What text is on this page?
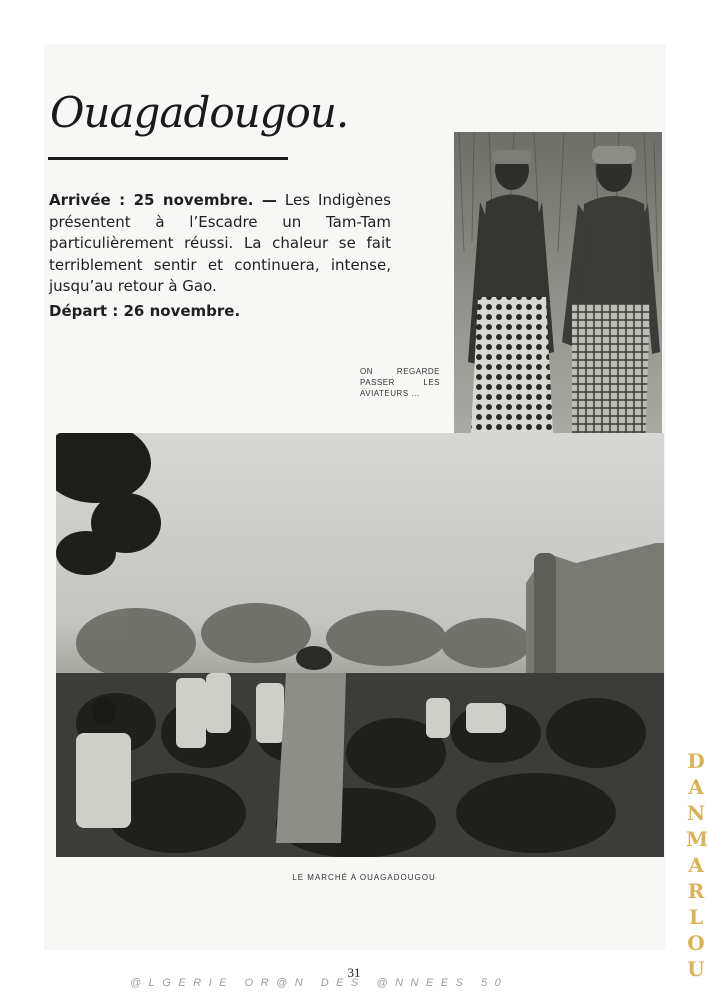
Ouagadougou.
Arrivée : 25 novembre. — Les Indigènes présentent à l’Escadre un Tam-Tam particulièrement réussi. La chaleur se fait terriblement sentir et continuera, intense, jusqu’au retour à Gao.
Départ : 26 novembre.
ON REGARDE PASSER LES AVIATEURS ...
LE MARCHÉ A OUAGADOUGOU
31
@LGERIE OR@N DES @NNEES 50
D
A
N
M
A
R
L
O
U
